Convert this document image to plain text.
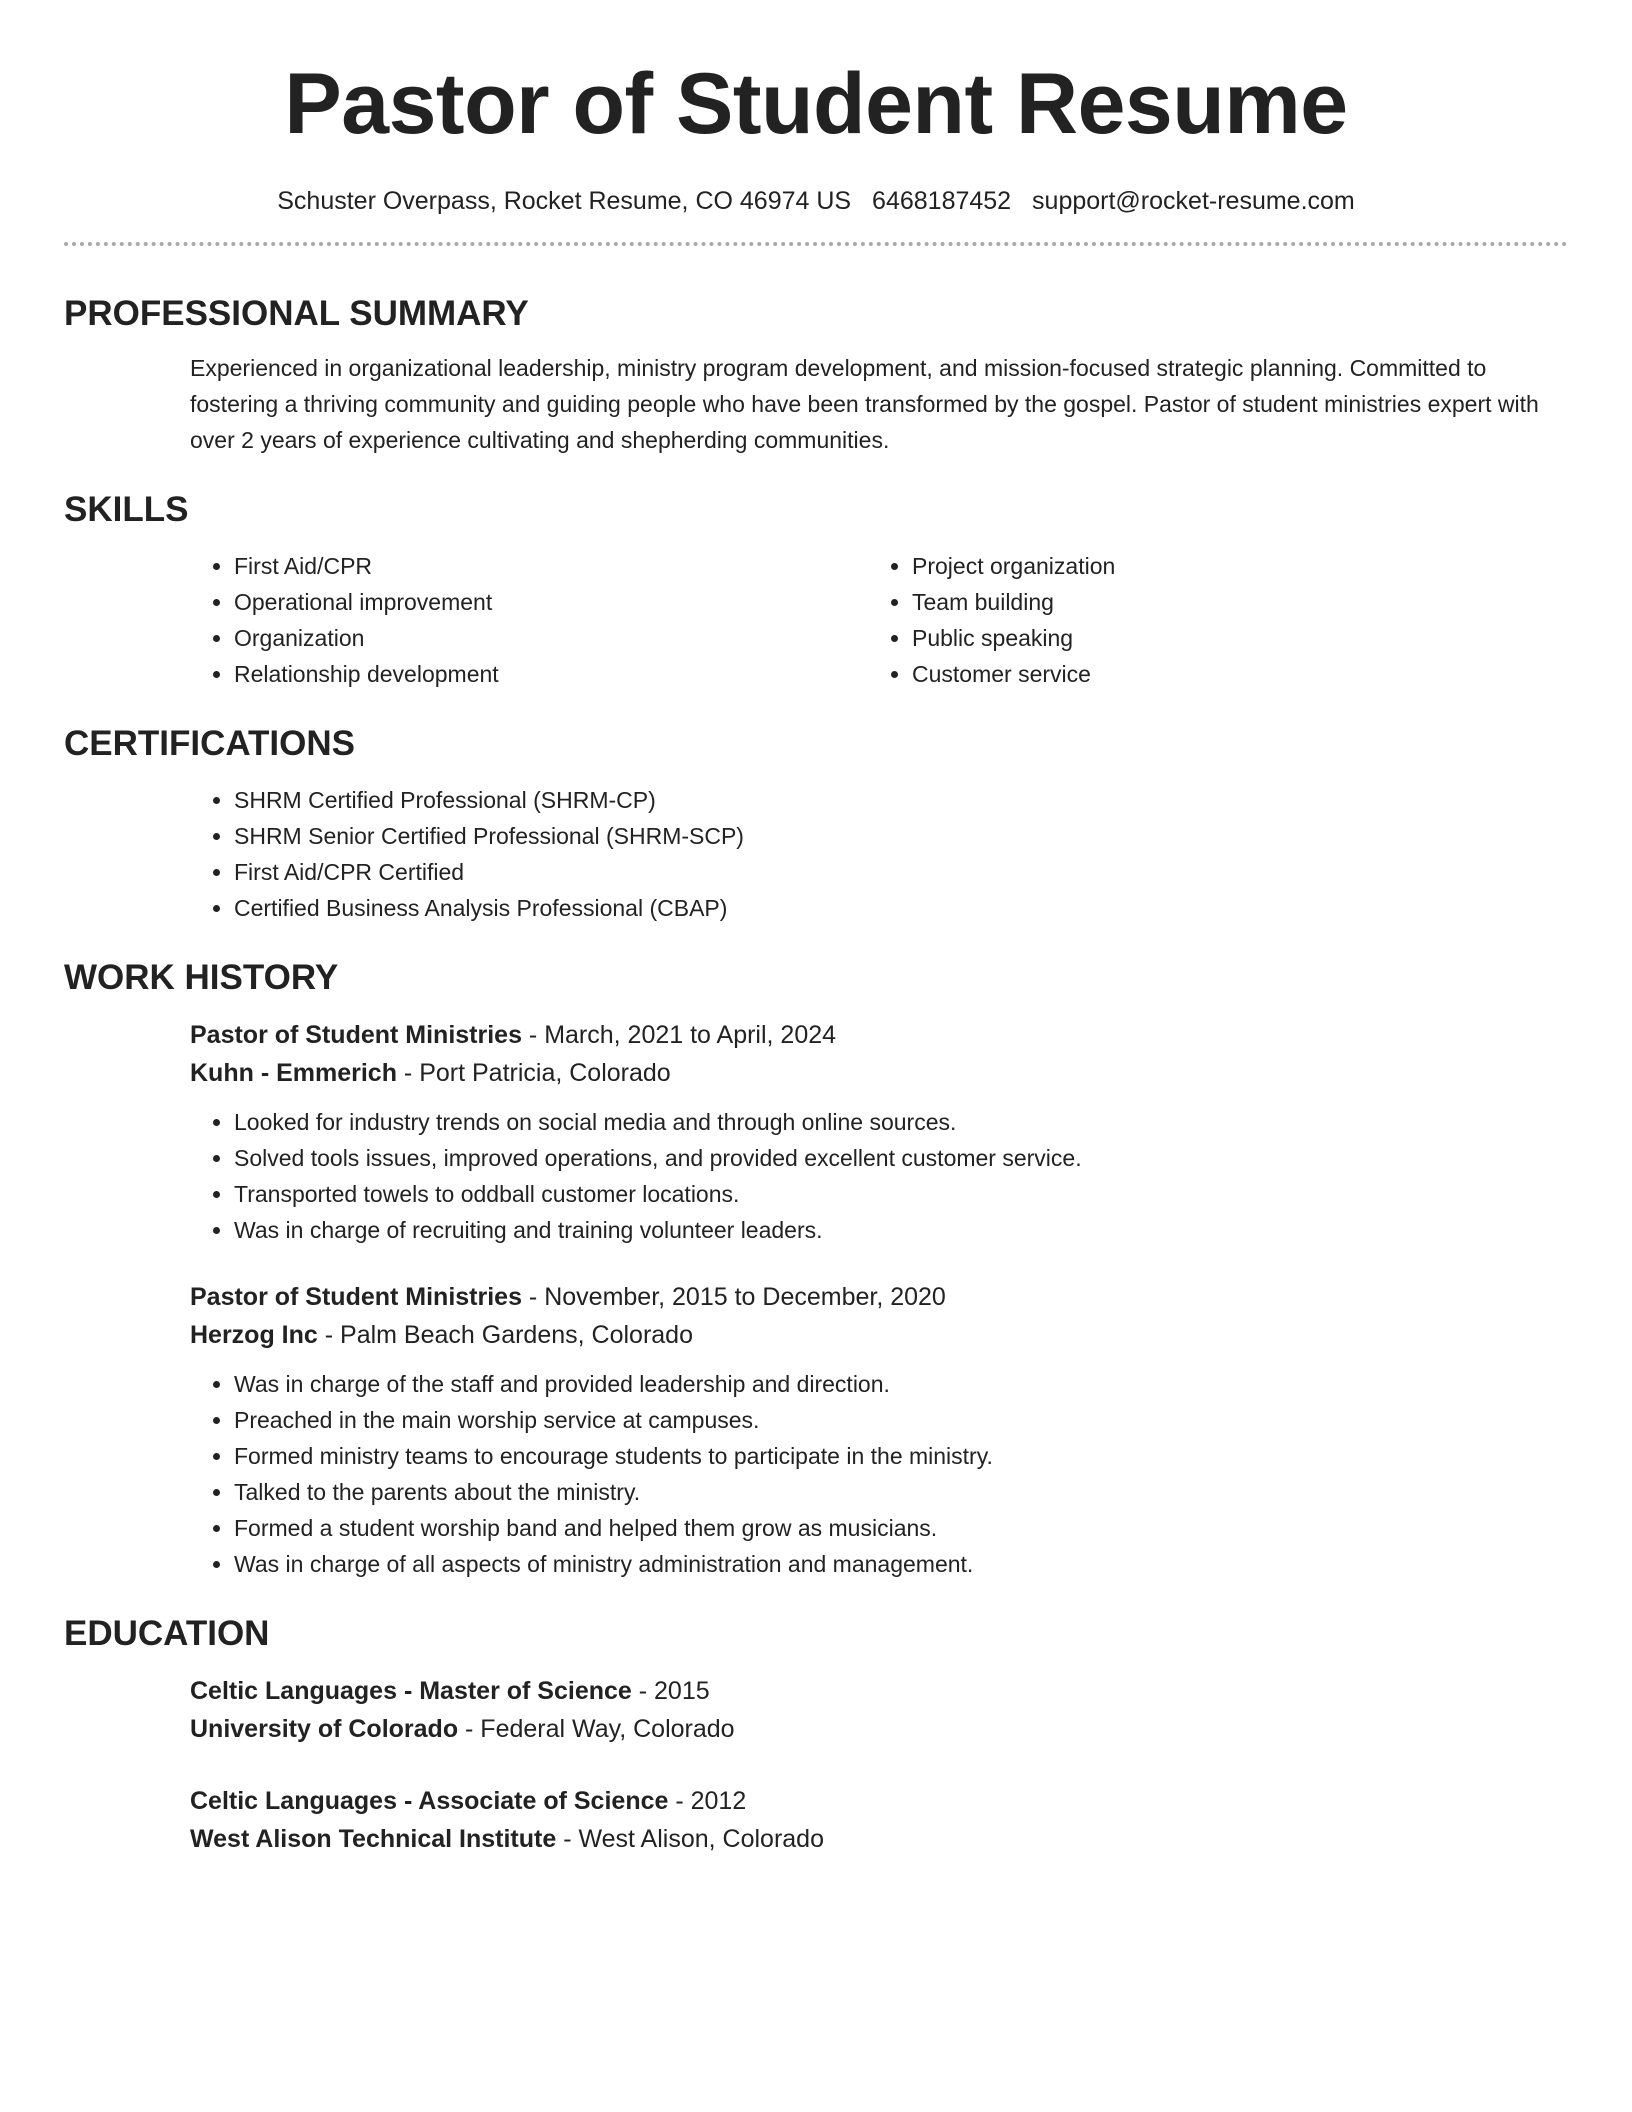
Pastor of Student Resume
Schuster Overpass, Rocket Resume, CO 46974 US 6468187452 support@rocket-resume.com
PROFESSIONAL SUMMARY
Experienced in organizational leadership, ministry program development, and mission-focused strategic planning. Committed to fostering a thriving community and guiding people who have been transformed by the gospel. Pastor of student ministries expert with over 2 years of experience cultivating and shepherding communities.
SKILLS
• First Aid/CPR
• Operational improvement
• Organization
• Relationship development
• Project organization
• Team building
• Public speaking
• Customer service
CERTIFICATIONS
• SHRM Certified Professional (SHRM-CP)
• SHRM Senior Certified Professional (SHRM-SCP)
• First Aid/CPR Certified
• Certified Business Analysis Professional (CBAP)
WORK HISTORY
Pastor of Student Ministries - March, 2021 to April, 2024
Kuhn - Emmerich - Port Patricia, Colorado
• Looked for industry trends on social media and through online sources.
• Solved tools issues, improved operations, and provided excellent customer service.
• Transported towels to oddball customer locations.
• Was in charge of recruiting and training volunteer leaders.
Pastor of Student Ministries - November, 2015 to December, 2020
Herzog Inc - Palm Beach Gardens, Colorado
• Was in charge of the staff and provided leadership and direction.
• Preached in the main worship service at campuses.
• Formed ministry teams to encourage students to participate in the ministry.
• Talked to the parents about the ministry.
• Formed a student worship band and helped them grow as musicians.
• Was in charge of all aspects of ministry administration and management.
EDUCATION
Celtic Languages - Master of Science - 2015
University of Colorado - Federal Way, Colorado
Celtic Languages - Associate of Science - 2012
West Alison Technical Institute - West Alison, Colorado
